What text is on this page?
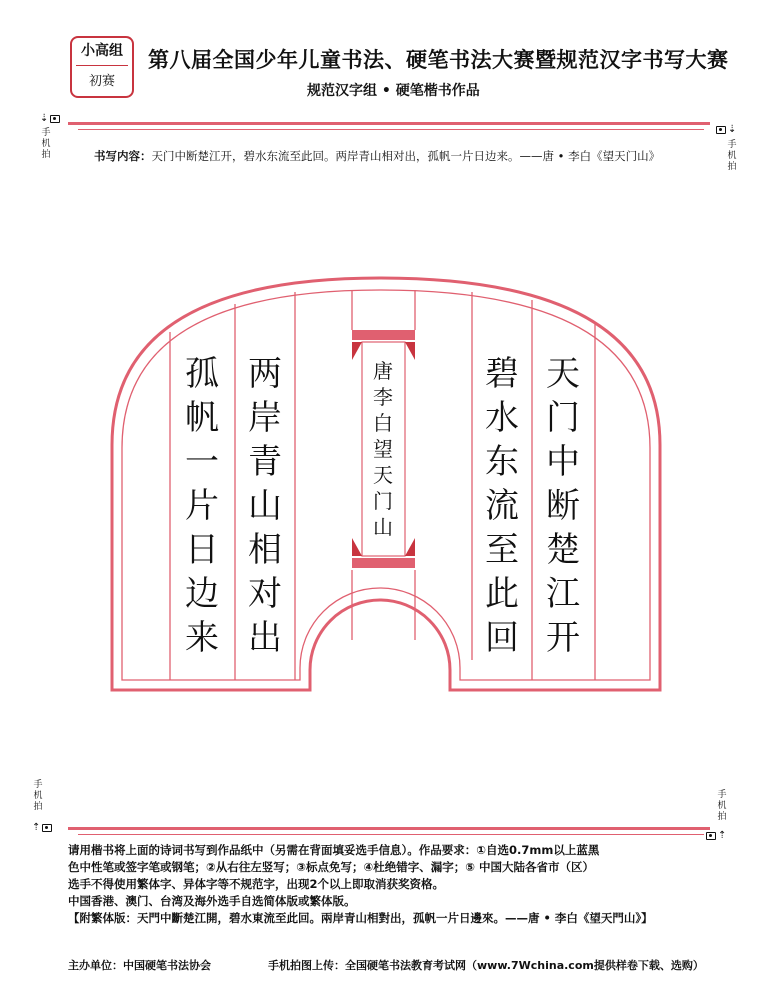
小高组
初赛
第八届全国少年儿童书法、硬笔书法大赛暨规范汉字书写大赛
规范汉字组 • 硬笔楷书作品
⇣
手机拍
⇣
手机拍
书写内容：天门中断楚江开，碧水东流至此回。两岸青山相对出，孤帆一片日边来。——唐 • 李白《望天门山》
天
门
中
断
楚
江
开
碧
水
东
流
至
此
回
两
岸
青
山
相
对
出
孤
帆
一
片
日
边
来
唐
李
白
望
天
门
山
手机拍
⇡
手机拍
⇡

请用楷书将上面的诗词书写到作品纸中（另需在背面填妥选手信息）。作品要求：①自选0.7mm以上蓝黑

色中性笔或签字笔或钢笔；②从右往左竖写；③标点免写；④杜绝错字、漏字；⑤ 中国大陆各省市（区）

选手不得使用繁体字、异体字等不规范字，出现2个以上即取消获奖资格。

中国香港、澳门、台湾及海外选手自选简体版或繁体版。

【附繁体版：天門中斷楚江開，碧水東流至此回。兩岸青山相對出，孤帆一片日邊來。——唐 • 李白《望天門山》】

主办单位：中国硬笔书法协会	手机拍图上传：全国硬笔书法教育考试网（www.7Wchina.com提供样卷下载、选购）
